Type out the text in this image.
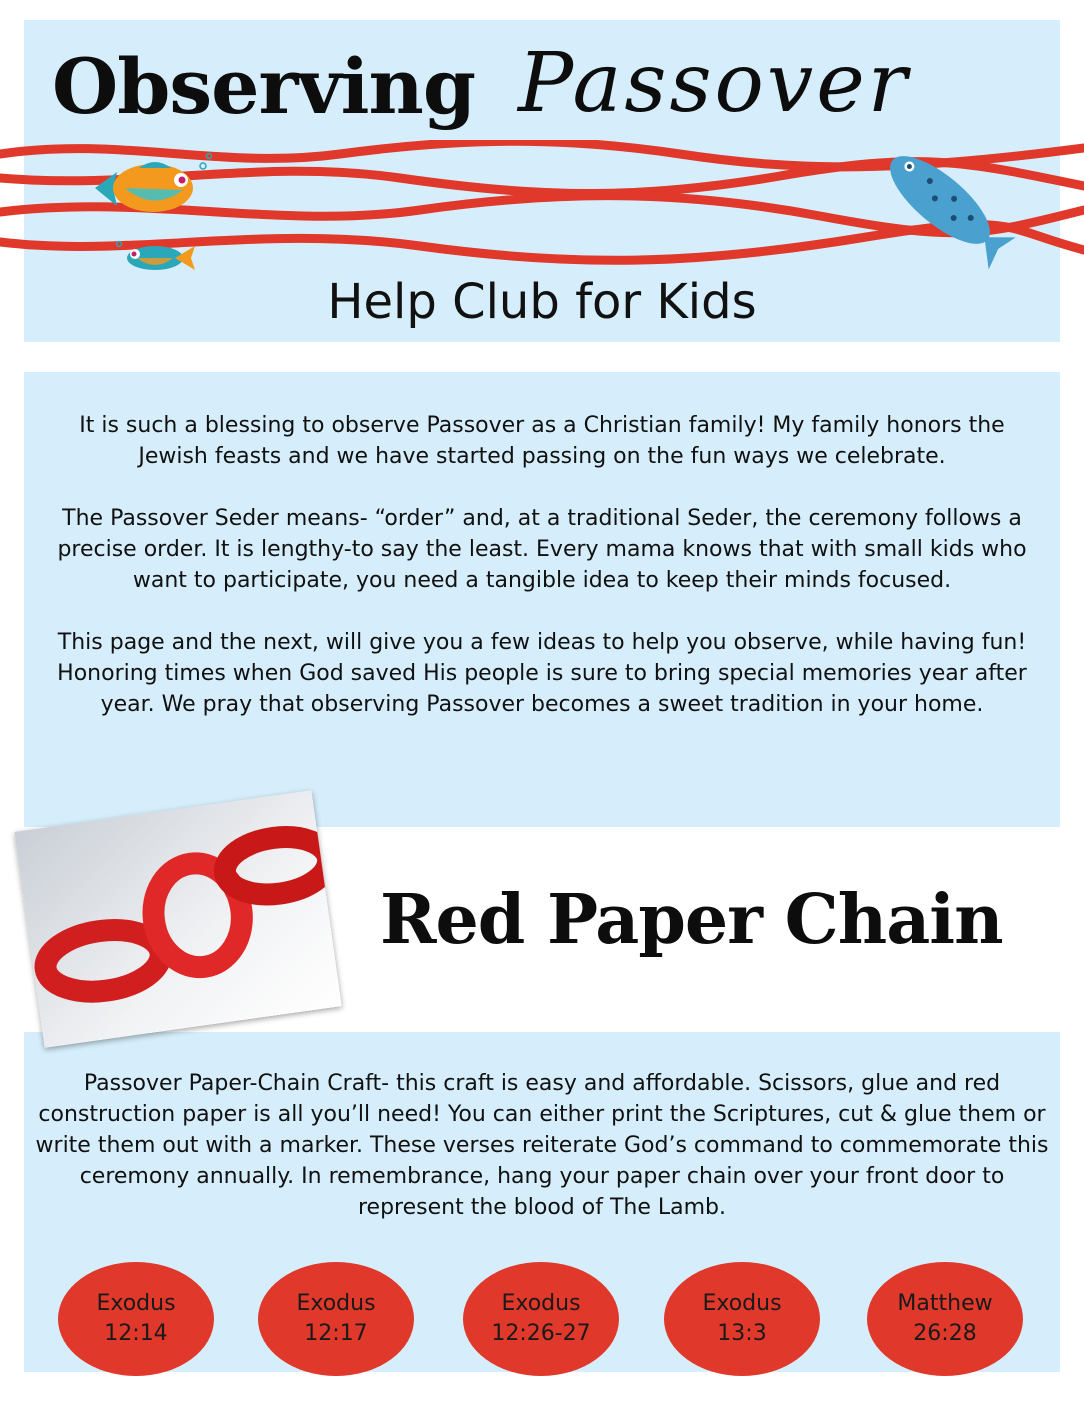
Observing Passover
Help Club for Kids

It is such a blessing to observe Passover as a Christian family! My family honors the Jewish feasts and we have started passing on the fun ways we celebrate.

The Passover Seder means- “order” and, at a traditional Seder, the ceremony follows a precise order. It is lengthy-to say the least. Every mama knows that with small kids who want to participate, you need a tangible idea to keep their minds focused.

This page and the next, will give you a few ideas to help you observe, while having fun! Honoring times when God saved His people is sure to bring special memories year after year. We pray that observing Passover becomes a sweet tradition in your home.

Red Paper Chain
Passover Paper-Chain Craft- this craft is easy and affordable. Scissors, glue and red construction paper is all you’ll need! You can either print the Scriptures, cut & glue them or write them out with a marker. These verses reiterate God’s command to commemorate this ceremony annually. In remembrance, hang your paper chain over your front door to represent the blood of The Lamb.
Exodus
12:14
Exodus
12:17
Exodus
12:26-27
Exodus
13:3
Matthew
26:28
